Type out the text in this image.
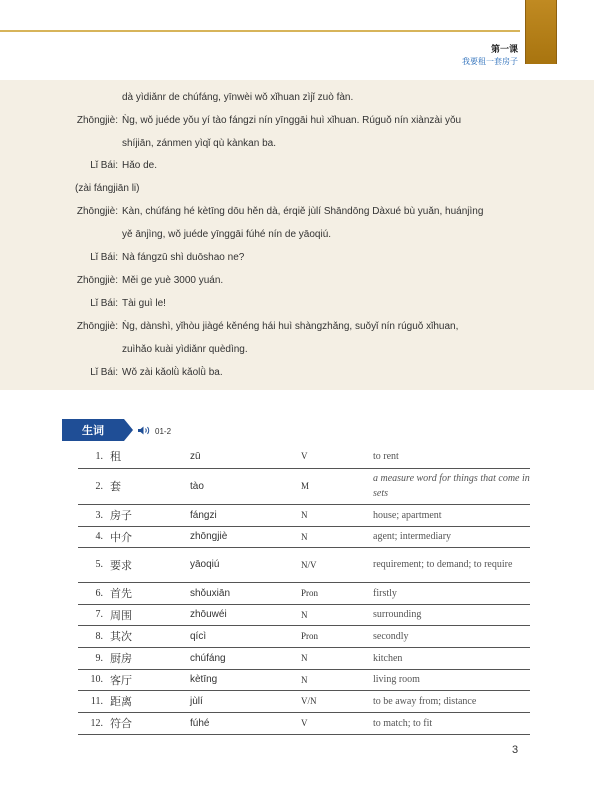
第一课
我要租一套房子
dà yìdiǎnr de chúfáng, yīnwèi wǒ xǐhuan zìjǐ zuò fàn.
Zhōngjiè: Ǹg, wǒ juéde yǒu yí tào fángzi nín yīnggāi huì xǐhuan. Rúguǒ nín xiànzài yǒu
shíjiān, zánmen yìqǐ qù kànkan ba.
Lǐ Bái: Hǎo de.
(zài fángjiān li)
Zhōngjiè: Kàn, chúfáng hé kètīng dōu hěn dà, érqiě jùlí Shāndōng Dàxué bù yuǎn, huánjìng
yě ānjìng, wǒ juéde yīnggāi fúhé nín de yāoqiú.
Lǐ Bái: Nà fángzū shì duōshao ne?
Zhōngjiè: Měi ge yuè 3000 yuán.
Lǐ Bái: Tài guì le!
Zhōngjiè: Ǹg, dànshì, yǐhòu jiàgé kěnéng hái huì shàngzhǎng, suǒyǐ nín rúguǒ xǐhuan,
zuìhǎo kuài yìdiǎnr quèdìng.
Lǐ Bái: Wǒ zài kǎolǜ kǎolǜ ba.
生词	01-2
1.	租	zū	V	to rent
2.	套	tào	M	a measure word for things that come in sets
3.	房子	fángzi	N	house; apartment
4.	中介	zhōngjiè	N	agent; intermediary
5.	要求	yāoqiú	N/V	requirement; to demand; to require
6.	首先	shǒuxiān	Pron	firstly
7.	周围	zhōuwéi	N	surrounding
8.	其次	qícì	Pron	secondly
9.	厨房	chúfáng	N	kitchen
10.	客厅	kètīng	N	living room
11.	距离	jùlí	V/N	to be away from; distance
12.	符合	fúhé	V	to match; to fit
3
